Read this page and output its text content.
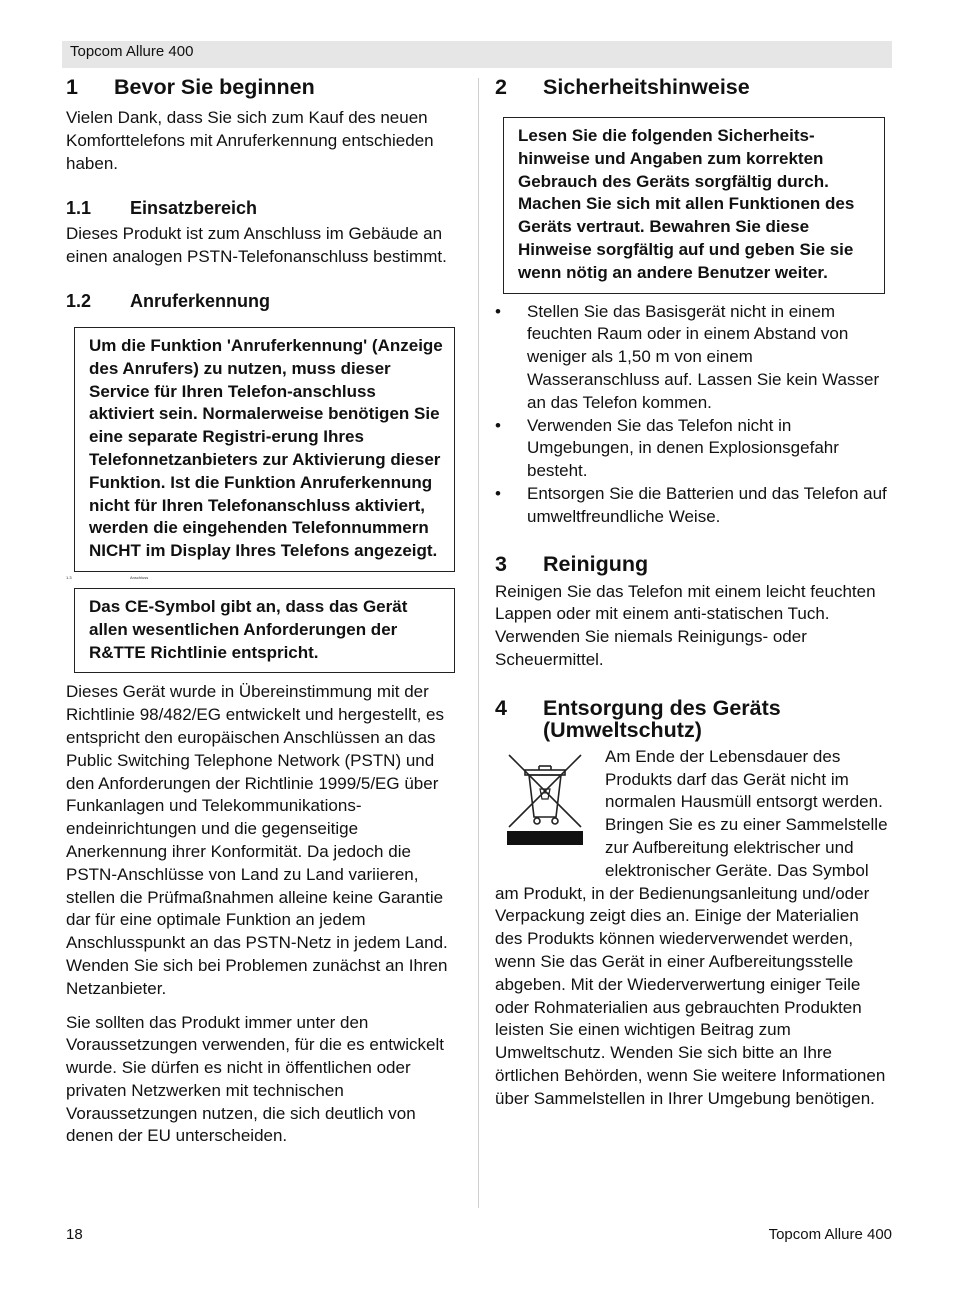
Topcom Allure 400
1	Bevor Sie beginnen

Vielen Dank, dass Sie sich zum Kauf des neuen Komforttelefons mit Anruferkennung entschieden haben.

1.1	Einsatzbereich

Dieses Produkt ist zum Anschluss im Gebäude an einen analogen PSTN-Telefonanschluss bestimmt.

1.2	Anruferkennung
Um die Funktion 'Anruferkennung' (Anzeige des Anrufers) zu nutzen, muss dieser Service für Ihren Telefon-anschluss aktiviert sein. Normalerweise benötigen Sie eine separate Registri-erung Ihres Telefonnetzanbieters zur Aktivierung dieser Funktion. Ist die Funktion Anruferkennung nicht für Ihren Telefonanschluss aktiviert, werden die eingehenden Telefonnummern NICHT im Display Ihres Telefons angezeigt.
1.3	Anschluss
Das CE-Symbol gibt an, dass das Gerät allen wesentlichen Anforderungen der R&TTE Richtlinie entspricht.

Dieses Gerät wurde in Übereinstimmung mit der Richtlinie 98/482/EG entwickelt und hergestellt, es entspricht den europäischen Anschlüssen an das Public Switching Telephone Network (PSTN) und den Anforderungen der Richtlinie 1999/5/EG über Funkanlagen und Telekommunikations-endeinrichtungen und die gegenseitige Anerkennung ihrer Konformität. Da jedoch die PSTN-Anschlüsse von Land zu Land variieren, stellen die Prüfmaßnahmen alleine keine Garantie dar für eine optimale Funktion an jedem Anschlusspunkt an das PSTN-Netz in jedem Land. Wenden Sie sich bei Problemen zunächst an Ihren Netzanbieter.

Sie sollten das Produkt immer unter den Voraussetzungen verwenden, für die es entwickelt wurde. Sie dürfen es nicht in öffentlichen oder privaten Netzwerken mit technischen Voraussetzungen nutzen, die sich deutlich von denen der EU unterscheiden.

2	Sicherheitshinweise
Lesen Sie die folgenden Sicherheits-hinweise und Angaben zum korrekten Gebrauch des Geräts sorgfältig durch. Machen Sie sich mit allen Funktionen des Geräts vertraut. Bewahren Sie diese Hinweise sorgfältig auf und geben Sie sie wenn nötig an andere Benutzer weiter.
• Stellen Sie das Basisgerät nicht in einem feuchten Raum oder in einem Abstand von weniger als 1,50 m von einem Wasseranschluss auf. Lassen Sie kein Wasser an das Telefon kommen.
• Verwenden Sie das Telefon nicht in Umgebungen, in denen Explosionsgefahr besteht.
• Entsorgen Sie die Batterien und das Telefon auf umweltfreundliche Weise.
3	Reinigung

Reinigen Sie das Telefon mit einem leicht feuchten Lappen oder mit einem anti-statischen Tuch. Verwenden Sie niemals Reinigungs- oder Scheuermittel.

4	Entsorgung des Geräts
(Umweltschutz)

Am Ende der Lebensdauer des Produkts darf das Gerät nicht im normalen Hausmüll entsorgt werden. Bringen Sie es zu einer Sammelstelle zur Aufbereitung elektrischer und elektronischer Geräte. Das Symbol am Produkt, in der Bedienungsanleitung und/oder Verpackung zeigt dies an. Einige der Materialien des Produkts können wiederverwendet werden, wenn Sie das Gerät in einer Aufbereitungsstelle abgeben. Mit der Wiederverwertung einiger Teile oder Rohmaterialien aus gebrauchten Produkten leisten Sie einen wichtigen Beitrag zum Umweltschutz. Wenden Sie sich bitte an Ihre örtlichen Behörden, wenn Sie weitere Informationen über Sammelstellen in Ihrer Umgebung benötigen.

18	Topcom Allure 400
